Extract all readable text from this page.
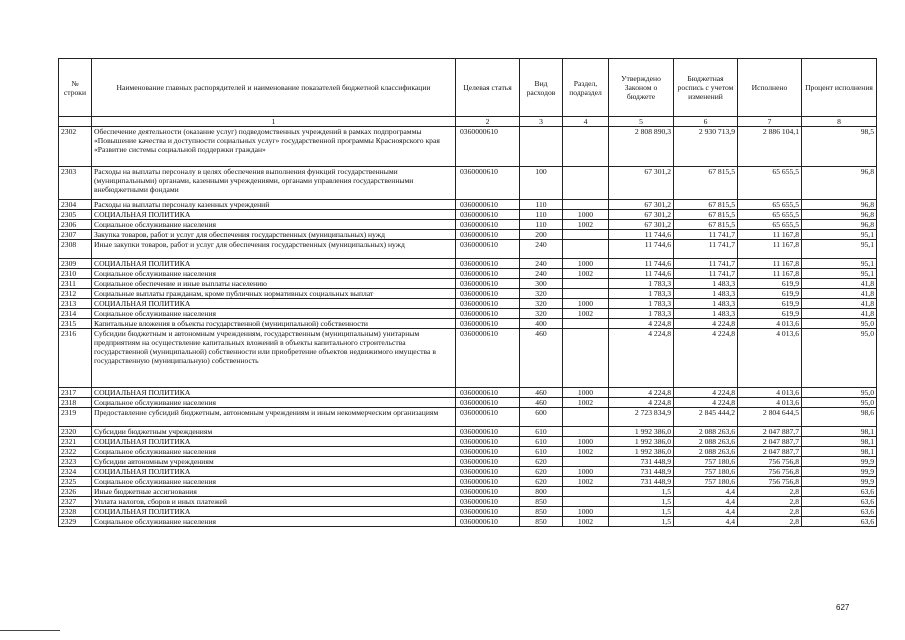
№ строки	Наименование главных распорядителей и наименование показателей бюджетной классификации	Целевая статья	Вид расходов	Раздел, подраздел	Утверждено Законом о бюджете	Бюджетная роспись с учетом изменений	Исполнено	Процент исполнения
	1	2	3	4	5	6	7	8
2302	Обеспечение деятельности (оказание услуг) подведомственных учреждений в рамках подпрограммы «Повышение качества и доступности социальных услуг» государственной программы Красноярского края «Развитие системы социальной поддержки граждан»	0360000610			2 808 890,3	2 930 713,9	2 886 104,1	98,5
2303	Расходы на выплаты персоналу в целях обеспечения выполнения функций государственными (муниципальными) органами, казенными учреждениями, органами управления государственными внебюджетными фондами	0360000610	100		67 301,2	67 815,5	65 655,5	96,8
2304	Расходы на выплаты персоналу казенных учреждений	0360000610	110		67 301,2	67 815,5	65 655,5	96,8
2305	СОЦИАЛЬНАЯ ПОЛИТИКА	0360000610	110	1000	67 301,2	67 815,5	65 655,5	96,8
2306	Социальное обслуживание населения	0360000610	110	1002	67 301,2	67 815,5	65 655,5	96,8
2307	Закупка товаров, работ и услуг для обеспечения государственных (муниципальных) нужд	0360000610	200		11 744,6	11 741,7	11 167,8	95,1
2308	Иные закупки товаров, работ и услуг для обеспечения государственных (муниципальных) нужд	0360000610	240		11 744,6	11 741,7	11 167,8	95,1
2309	СОЦИАЛЬНАЯ ПОЛИТИКА	0360000610	240	1000	11 744,6	11 741,7	11 167,8	95,1
2310	Социальное обслуживание населения	0360000610	240	1002	11 744,6	11 741,7	11 167,8	95,1
2311	Социальное обеспечение и иные выплаты населению	0360000610	300		1 783,3	1 483,3	619,9	41,8
2312	Социальные выплаты гражданам, кроме публичных нормативных социальных выплат	0360000610	320		1 783,3	1 483,3	619,9	41,8
2313	СОЦИАЛЬНАЯ ПОЛИТИКА	0360000610	320	1000	1 783,3	1 483,3	619,9	41,8
2314	Социальное обслуживание населения	0360000610	320	1002	1 783,3	1 483,3	619,9	41,8
2315	Капитальные вложения в объекты государственной (муниципальной) собственности	0360000610	400		4 224,8	4 224,8	4 013,6	95,0
2316	Субсидии бюджетным и автономным учреждениям, государственным (муниципальным) унитарным предприятиям на осуществление капитальных вложений в объекты капитального строительства государственной (муниципальной) собственности или приобретение объектов недвижимого имущества в государственную (муниципальную) собственность	0360000610	460		4 224,8	4 224,8	4 013,6	95,0
2317	СОЦИАЛЬНАЯ ПОЛИТИКА	0360000610	460	1000	4 224,8	4 224,8	4 013,6	95,0
2318	Социальное обслуживание населения	0360000610	460	1002	4 224,8	4 224,8	4 013,6	95,0
2319	Предоставление субсидий бюджетным, автономным учреждениям и иным некоммерческим организациям	0360000610	600		2 723 834,9	2 845 444,2	2 804 644,5	98,6
2320	Субсидии бюджетным учреждениям	0360000610	610		1 992 386,0	2 088 263,6	2 047 887,7	98,1
2321	СОЦИАЛЬНАЯ ПОЛИТИКА	0360000610	610	1000	1 992 386,0	2 088 263,6	2 047 887,7	98,1
2322	Социальное обслуживание населения	0360000610	610	1002	1 992 386,0	2 088 263,6	2 047 887,7	98,1
2323	Субсидии автономным учреждениям	0360000610	620		731 448,9	757 180,6	756 756,8	99,9
2324	СОЦИАЛЬНАЯ ПОЛИТИКА	0360000610	620	1000	731 448,9	757 180,6	756 756,8	99,9
2325	Социальное обслуживание населения	0360000610	620	1002	731 448,9	757 180,6	756 756,8	99,9
2326	Иные бюджетные ассигнования	0360000610	800		1,5	4,4	2,8	63,6
2327	Уплата налогов, сборов и иных платежей	0360000610	850		1,5	4,4	2,8	63,6
2328	СОЦИАЛЬНАЯ ПОЛИТИКА	0360000610	850	1000	1,5	4,4	2,8	63,6
2329	Социальное обслуживание населения	0360000610	850	1002	1,5	4,4	2,8	63,6
627
